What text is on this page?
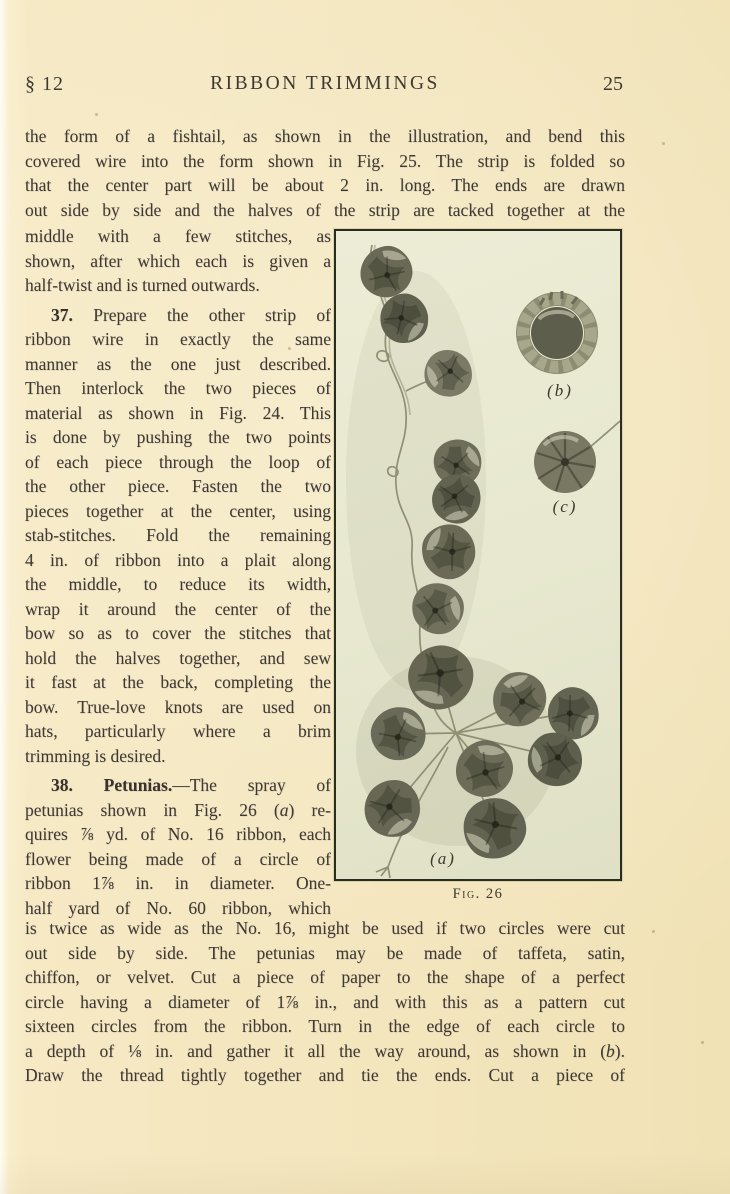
§ 12	RIBBON TRIMMINGS	25
the form of a fishtail, as shown in the illustration, and bend this
covered wire into the form shown in Fig. 25. The strip is folded so
that the center part will be about 2 in. long. The ends are drawn
out side by side and the halves of the strip are tacked together at the
middle with a few stitches, as
shown, after which each is given a
half-twist and is turned outwards.
37. Prepare the other strip of
ribbon wire in exactly the same
manner as the one just described.
Then interlock the two pieces of
material as shown in Fig. 24. This
is done by pushing the two points
of each piece through the loop of
the other piece. Fasten the two
pieces together at the center, using
stab-stitches. Fold the remaining
4 in. of ribbon into a plait along
the middle, to reduce its width,
wrap it around the center of the
bow so as to cover the stitches that
hold the halves together, and sew
it fast at the back, completing the
bow. True-love knots are used on
hats, particularly where a brim
trimming is desired.
38. Petunias.—The spray of
petunias shown in Fig. 26 (a) re-
quires ⅞ yd. of No. 16 ribbon, each
flower being made of a circle of
ribbon 1⅞ in. in diameter. One-
half yard of No. 60 ribbon, which
(b)
(c)
(a)
Fig. 26
is twice as wide as the No. 16, might be used if two circles were cut
out side by side. The petunias may be made of taffeta, satin,
chiffon, or velvet. Cut a piece of paper to the shape of a perfect
circle having a diameter of 1⅞ in., and with this as a pattern cut
sixteen circles from the ribbon. Turn in the edge of each circle to
a depth of ⅛ in. and gather it all the way around, as shown in (b).
Draw the thread tightly together and tie the ends. Cut a piece of
